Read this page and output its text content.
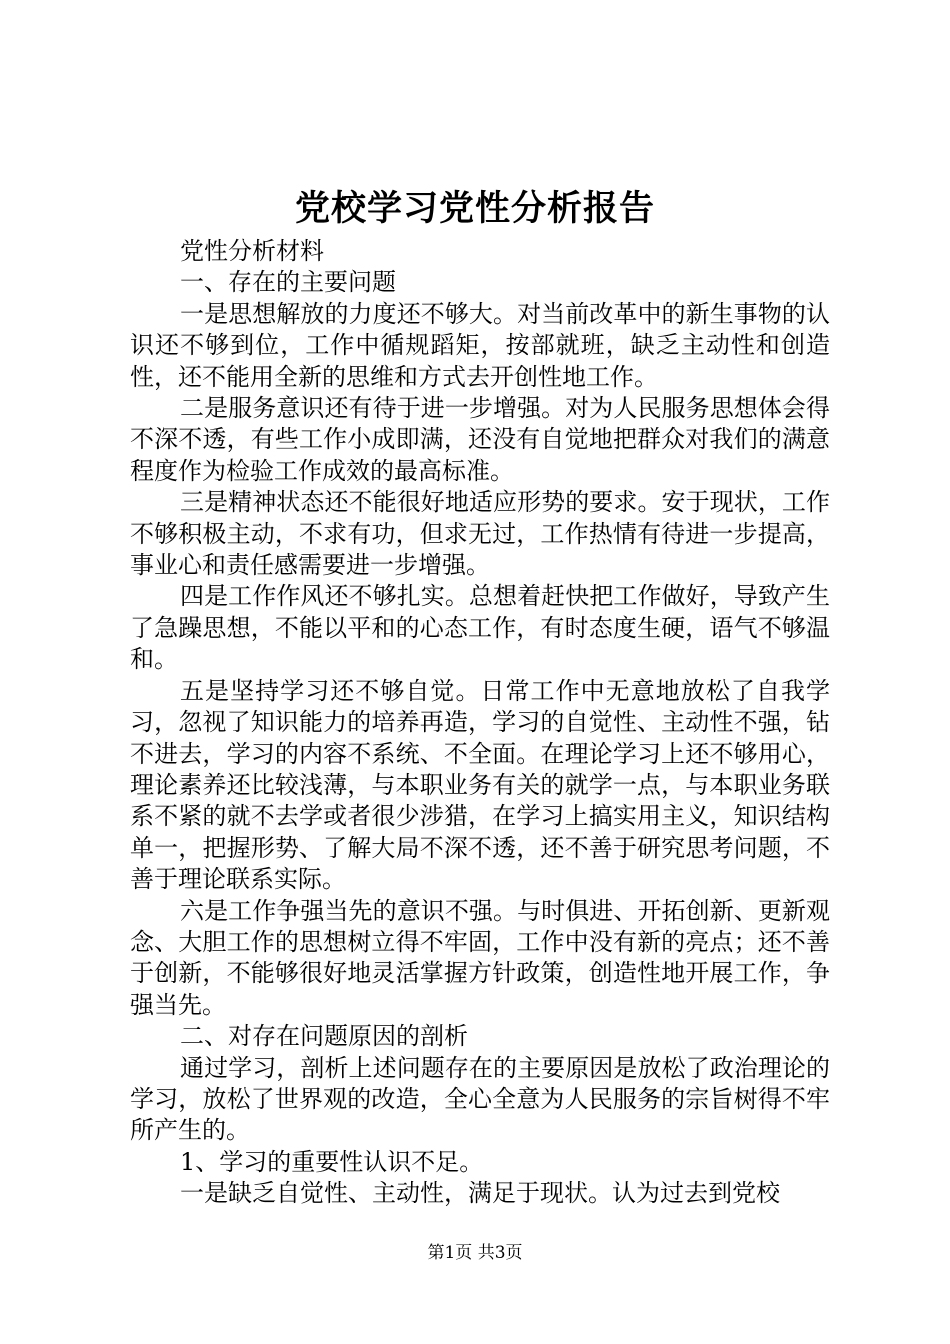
党校学习党性分析报告

党性分析材料

一、存在的主要问题

一是思想解放的力度还不够大。对当前改革中的新生事物的认识还不够到位，工作中循规蹈矩，按部就班，缺乏主动性和创造性，还不能用全新的思维和方式去开创性地工作。

二是服务意识还有待于进一步增强。对为人民服务思想体会得不深不透，有些工作小成即满，还没有自觉地把群众对我们的满意程度作为检验工作成效的最高标准。

三是精神状态还不能很好地适应形势的要求。安于现状，工作不够积极主动，不求有功，但求无过，工作热情有待进一步提高，事业心和责任感需要进一步增强。

四是工作作风还不够扎实。总想着赶快把工作做好，导致产生了急躁思想，不能以平和的心态工作，有时态度生硬，语气不够温和。

五是坚持学习还不够自觉。日常工作中无意地放松了自我学习，忽视了知识能力的培养再造，学习的自觉性、主动性不强，钻不进去，学习的内容不系统、不全面。在理论学习上还不够用心，理论素养还比较浅薄，与本职业务有关的就学一点，与本职业务联系不紧的就不去学或者很少涉猎，在学习上搞实用主义，知识结构单一，把握形势、了解大局不深不透，还不善于研究思考问题，不善于理论联系实际。

六是工作争强当先的意识不强。与时俱进、开拓创新、更新观念、大胆工作的思想树立得不牢固，工作中没有新的亮点；还不善于创新，不能够很好地灵活掌握方针政策，创造性地开展工作，争强当先。

二、对存在问题原因的剖析

通过学习，剖析上述问题存在的主要原因是放松了政治理论的学习，放松了世界观的改造，全心全意为人民服务的宗旨树得不牢所产生的。

1、学习的重要性认识不足。

一是缺乏自觉性、主动性，满足于现状。认为过去到党校

第1页 共3页
